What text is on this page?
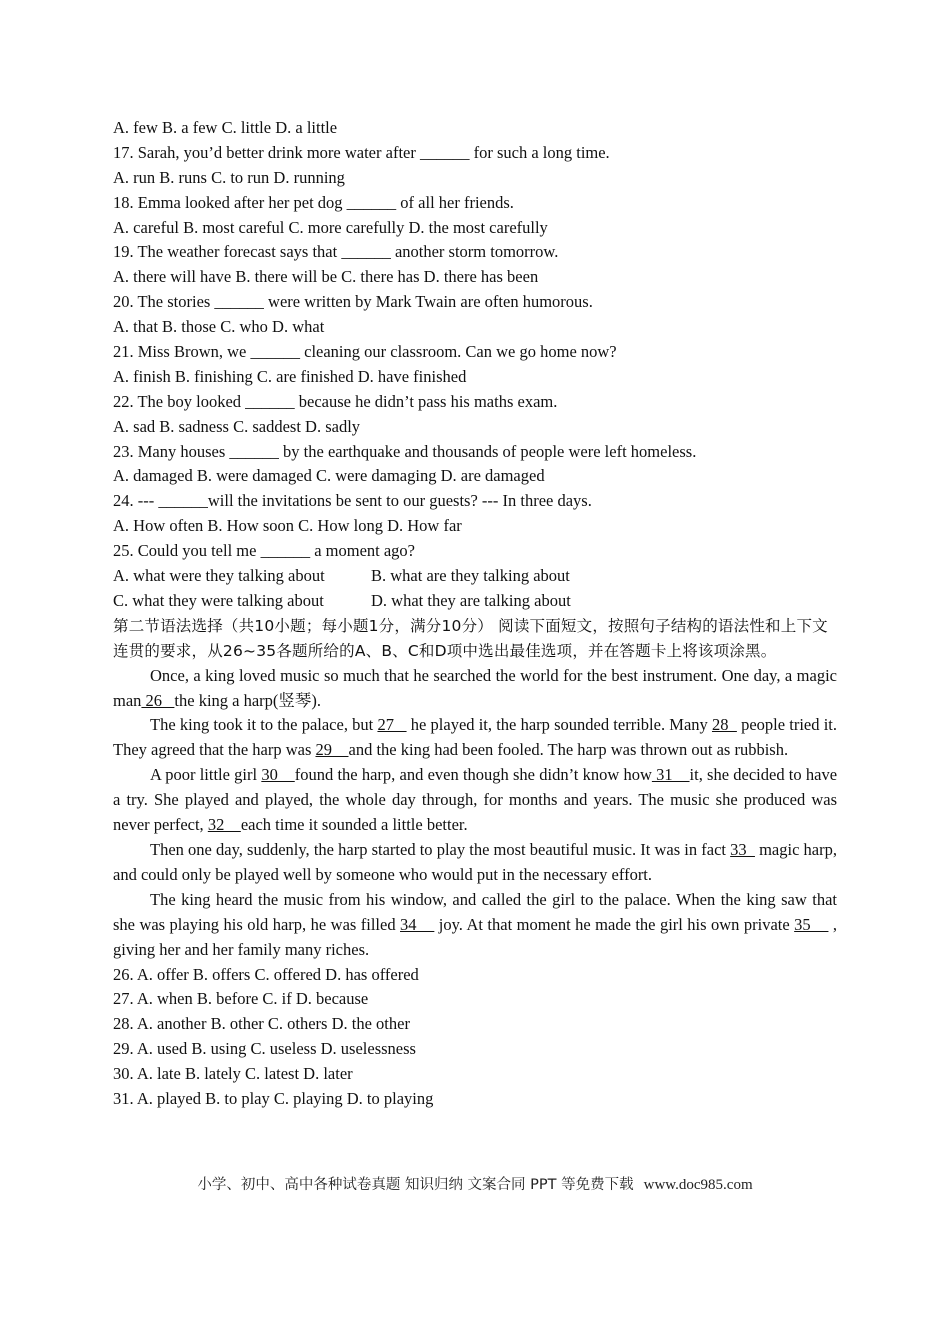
A. few B. a few C. little D. a little
17. Sarah, you’d better drink more water after ______ for such a long time.
A. run B. runs C. to run D. running
18. Emma looked after her pet dog ______ of all her friends.
A. careful B. most careful C. more carefully D. the most carefully
19. The weather forecast says that ______ another storm tomorrow.
A. there will have B. there will be C. there has D. there has been
20. The stories ______ were written by Mark Twain are often humorous.
A. that B. those C. who D. what
21. Miss Brown, we ______ cleaning our classroom. Can we go home now?
A. finish B. finishing C. are finished D. have finished
22. The boy looked ______ because he didn’t pass his maths exam.
A. sad B. sadness C. saddest D. sadly
23. Many houses ______ by the earthquake and thousands of people were left homeless.
A. damaged B. were damaged C. were damaging D. are damaged
24. --- ______will the invitations be sent to our guests? --- In three days.
A. How often B. How soon C. How long D. How far
25. Could you tell me ______ a moment ago?
A. what were they talking about	B. what are they talking about
C. what they were talking about	D. what they are talking about
第二节语法选择（共10小题；每小题1分，满分10分） 阅读下面短文，按照句子结构的语法性和上下文连贯的要求，从26~35各题所给的A、B、C和D项中选出最佳选项，并在答题卡上将该项涂黑。
Once, a king loved music so much that he searched the world for the best instrument. One day, a magic man 26   the king a harp(竖琴).
The king took it to the palace, but 27    he played it, the harp sounded terrible. Many 28   people tried it. They agreed that the harp was 29    and the king had been fooled. The harp was thrown out as rubbish.
A poor little girl 30    found the harp, and even though she didn’t know how 31    it, she decided to have a try. She played and played, the whole day through, for months and years. The music she produced was never perfect, 32    each time it sounded a little better.
Then one day, suddenly, the harp started to play the most beautiful music. It was in fact 33   magic harp, and could only be played well by someone who would put in the necessary effort.
The king heard the music from his window, and called the girl to the palace. When the king saw that she was playing his old harp, he was filled 34     joy. At that moment he made the girl his own private 35     , giving her and her family many riches.
26. A. offer B. offers C. offered D. has offered
27. A. when B. before C. if D. because
28. A. another B. other C. others D. the other
29. A. used B. using C. useless D. uselessness
30. A. late B. lately C. latest D. later
31. A. played B. to play C. playing D. to playing
小学、初中、高中各种试卷真题 知识归纳 文案合同 PPT 等免费下载 www.doc985.com
